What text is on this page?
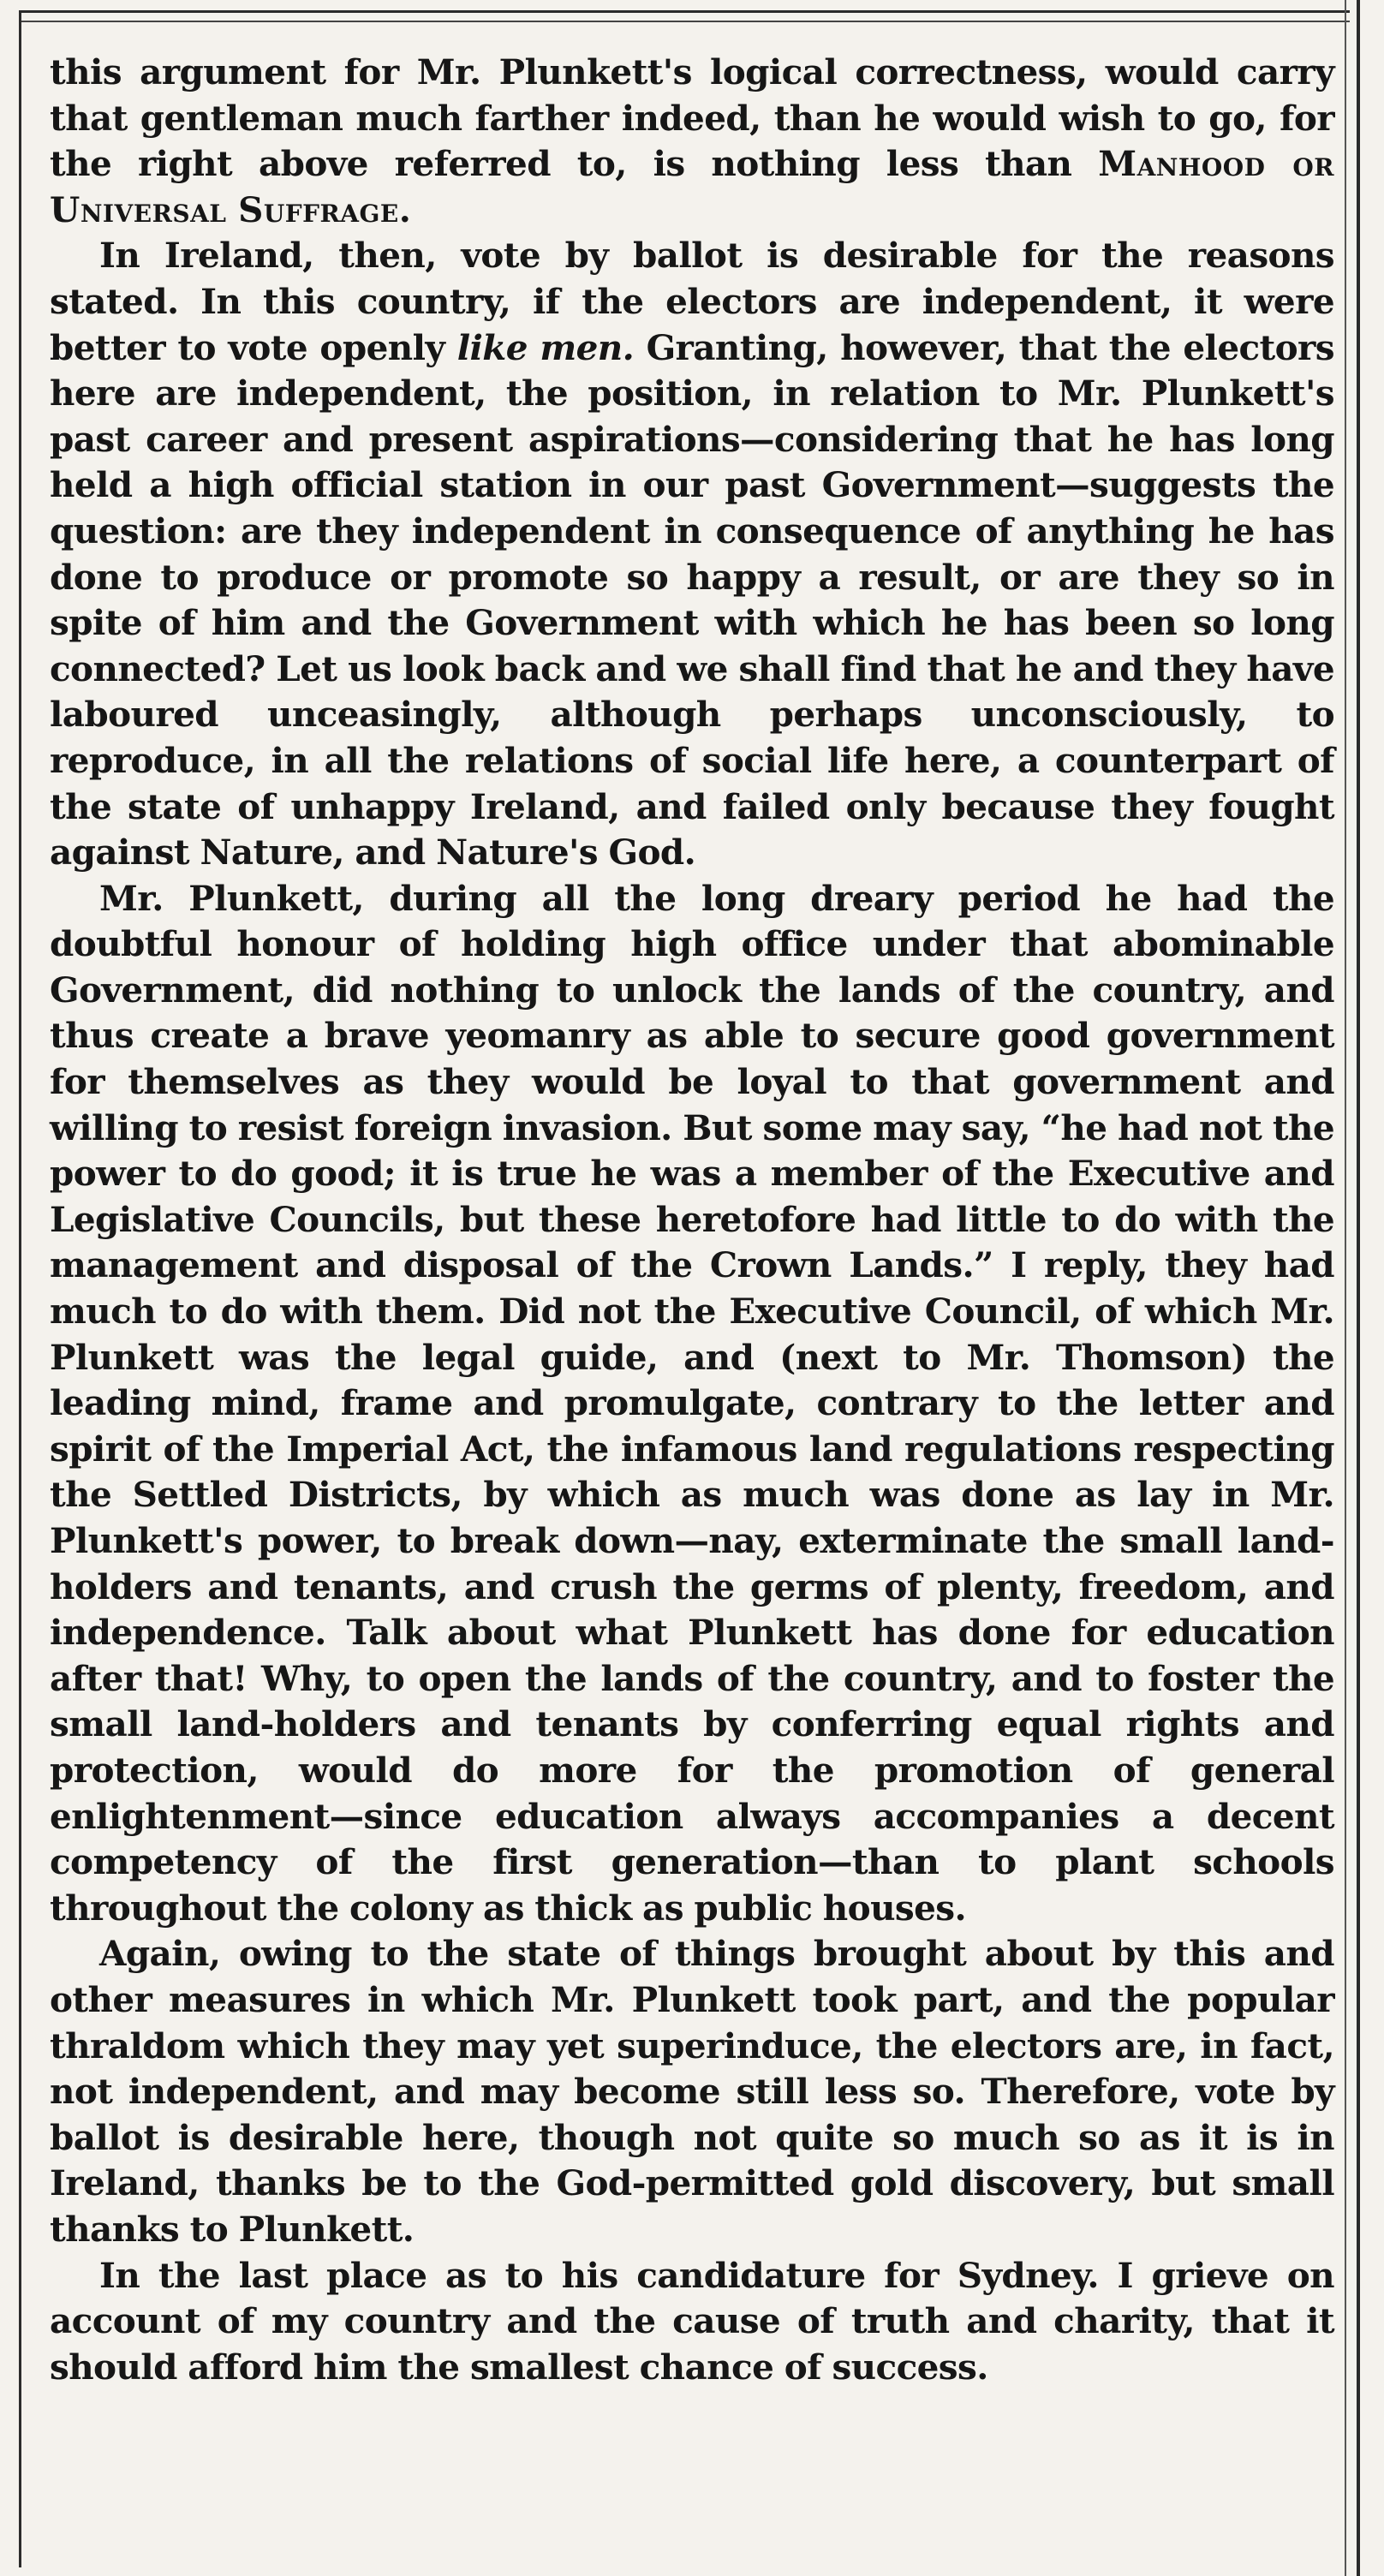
this argument for Mr. Plunkett's logical correctness, would carry that gentleman much farther indeed, than he would wish to go, for the right above referred to, is nothing less than Manhood or Universal Suffrage.

In Ireland, then, vote by ballot is desirable for the reasons stated. In this country, if the electors are independent, it were better to vote openly like men. Granting, however, that the electors here are independent, the position, in relation to Mr. Plunkett's past career and present aspirations—considering that he has long held a high official station in our past Government—suggests the question: are they independent in consequence of anything he has done to produce or promote so happy a result, or are they so in spite of him and the Government with which he has been so long connected? Let us look back and we shall find that he and they have laboured unceasingly, although perhaps unconsciously, to reproduce, in all the relations of social life here, a counterpart of the state of unhappy Ireland, and failed only because they fought against Nature, and Nature's God.

Mr. Plunkett, during all the long dreary period he had the doubtful honour of holding high office under that abominable Government, did nothing to unlock the lands of the country, and thus create a brave yeomanry as able to secure good government for themselves as they would be loyal to that government and willing to resist foreign invasion. But some may say, “he had not the power to do good; it is true he was a member of the Executive and Legislative Councils, but these heretofore had little to do with the management and disposal of the Crown Lands.” I reply, they had much to do with them. Did not the Executive Council, of which Mr. Plunkett was the legal guide, and (next to Mr. Thomson) the leading mind, frame and promulgate, contrary to the letter and spirit of the Imperial Act, the infamous land regulations respecting the Settled Districts, by which as much was done as lay in Mr. Plunkett's power, to break down—nay, exterminate the small land-holders and tenants, and crush the germs of plenty, freedom, and independence. Talk about what Plunkett has done for education after that! Why, to open the lands of the country, and to foster the small land-holders and tenants by conferring equal rights and protection, would do more for the promotion of general enlightenment—since education always accompanies a decent competency of the first generation—than to plant schools throughout the colony as thick as public houses.

Again, owing to the state of things brought about by this and other measures in which Mr. Plunkett took part, and the popular thraldom which they may yet superinduce, the electors are, in fact, not independent, and may become still less so. Therefore, vote by ballot is desirable here, though not quite so much so as it is in Ireland, thanks be to the God-permitted gold discovery, but small thanks to Plunkett.

In the last place as to his candidature for Sydney. I grieve on account of my country and the cause of truth and charity, that it should afford him the smallest chance of success.
